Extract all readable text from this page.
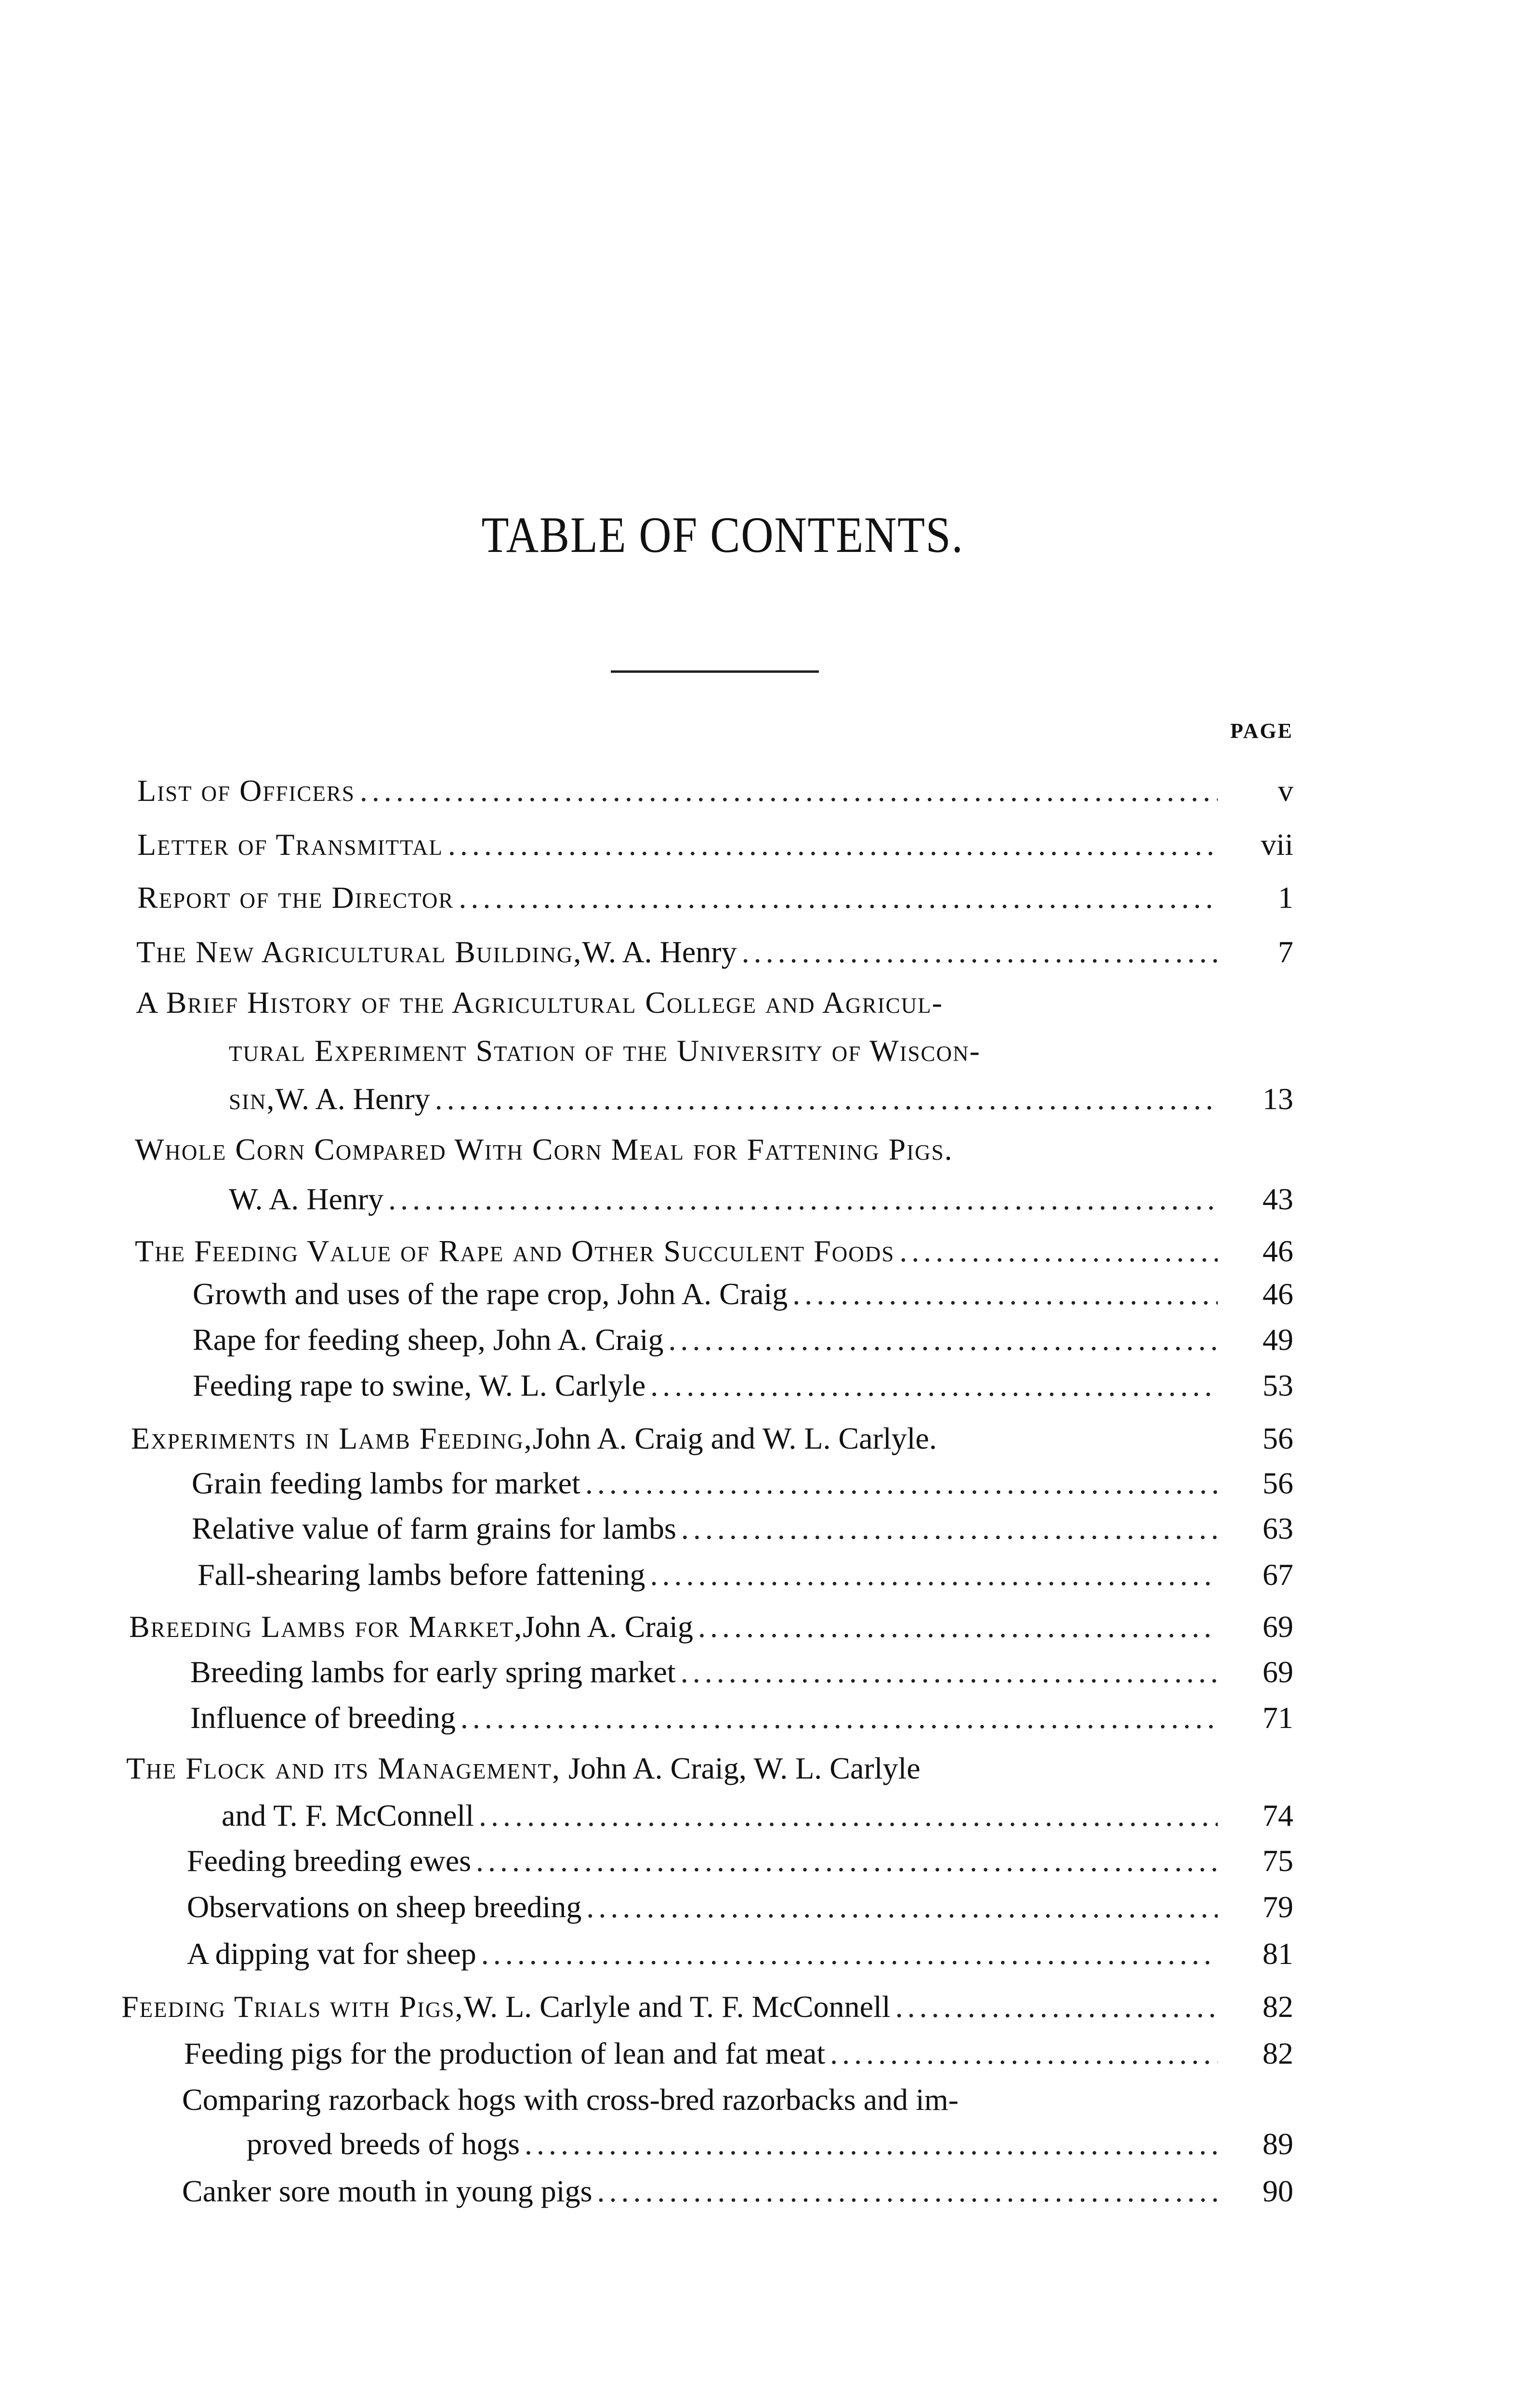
TABLE OF CONTENTS.
PAGE
List of Officers .....	v
Letter of Transmittal .....	vii
Report of the Director .....	1
The New Agricultural Building, W. A. Henry .....	7
A Brief History of the Agricultural College and Agricul-
tural Experiment Station of the University of Wiscon-
sin, W. A. Henry .....	13
Whole Corn Compared With Corn Meal for Fattening Pigs.
W. A. Henry .....	43
The Feeding Value of Rape and Other Succulent Foods .....	46
Growth and uses of the rape crop, John A. Craig .....	46
Rape for feeding sheep, John A. Craig .....	49
Feeding rape to swine, W. L. Carlyle .....	53
Experiments in Lamb Feeding, John A. Craig and W. L. Carlyle.	56
Grain feeding lambs for market .....	56
Relative value of farm grains for lambs .....	63
Fall-shearing lambs before fattening .....	67
Breeding Lambs for Market, John A. Craig .....	69
Breeding lambs for early spring market .....	69
Influence of breeding .....	71
The Flock and its Management, John A. Craig, W. L. Carlyle
and T. F. McConnell .....	74
Feeding breeding ewes .....	75
Observations on sheep breeding .....	79
A dipping vat for sheep .....	81
Feeding Trials with Pigs, W. L. Carlyle and T. F. McConnell .....	82
Feeding pigs for the production of lean and fat meat .....	82
Comparing razorback hogs with cross-bred razorbacks and im-
proved breeds of hogs .....	89
Canker sore mouth in young pigs .....	90
